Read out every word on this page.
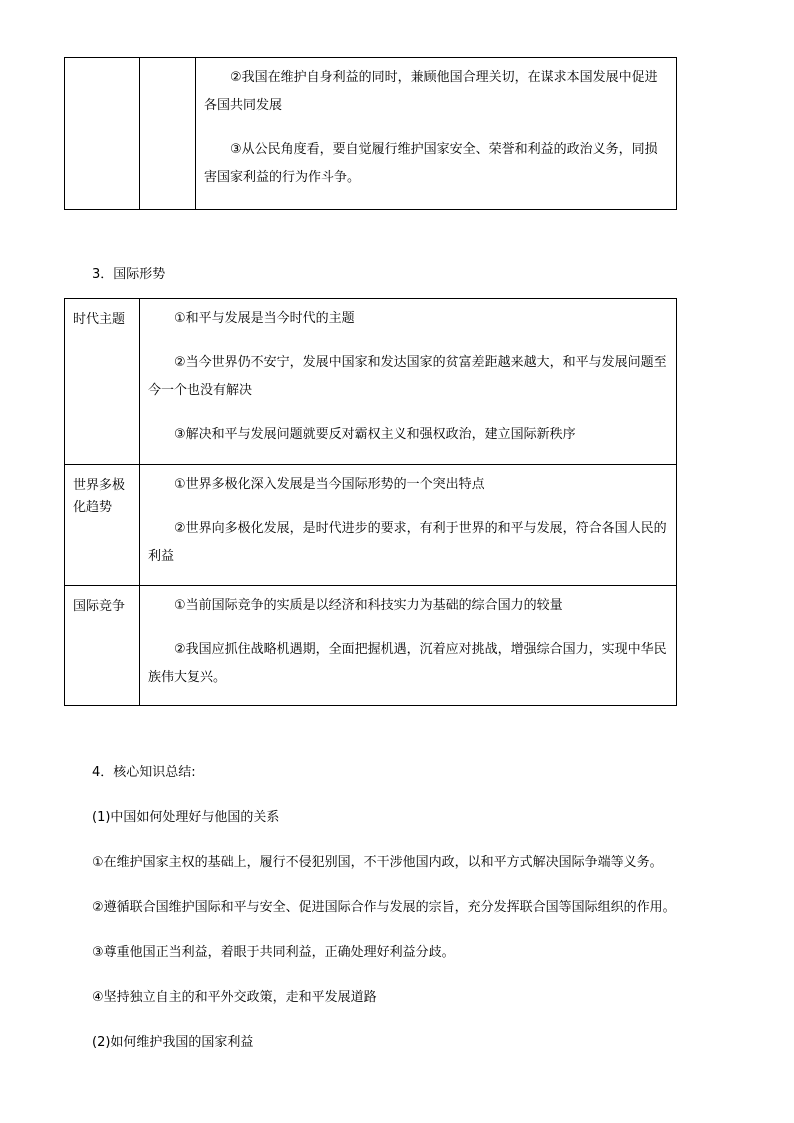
②我国在维护自身利益的同时，兼顾他国合理关切，在谋求本国发展中促进各国共同发展

③从公民角度看，要自觉履行维护国家安全、荣誉和利益的政治义务，同损害国家利益的行为作斗争。

3．国际形势

时代主题	①和平与发展是当今时代的主题

②当今世界仍不安宁，发展中国家和发达国家的贫富差距越来越大，和平与发展问题至今一个也没有解决

③解决和平与发展问题就要反对霸权主义和强权政治，建立国际新秩序

世界多极化趋势	①世界多极化深入发展是当今国际形势的一个突出特点

②世界向多极化发展，是时代进步的要求，有利于世界的和平与发展，符合各国人民的利益

国际竞争	①当前国际竞争的实质是以经济和科技实力为基础的综合国力的较量

②我国应抓住战略机遇期，全面把握机遇，沉着应对挑战，增强综合国力，实现中华民族伟大复兴。

4．核心知识总结:

(1)中国如何处理好与他国的关系

①在维护国家主权的基础上，履行不侵犯别国，不干涉他国内政，以和平方式解决国际争端等义务。

②遵循联合国维护国际和平与安全、促进国际合作与发展的宗旨，充分发挥联合国等国际组织的作用。

③尊重他国正当利益，着眼于共同利益，正确处理好利益分歧。

④坚持独立自主的和平外交政策，走和平发展道路

(2)如何维护我国的国家利益
